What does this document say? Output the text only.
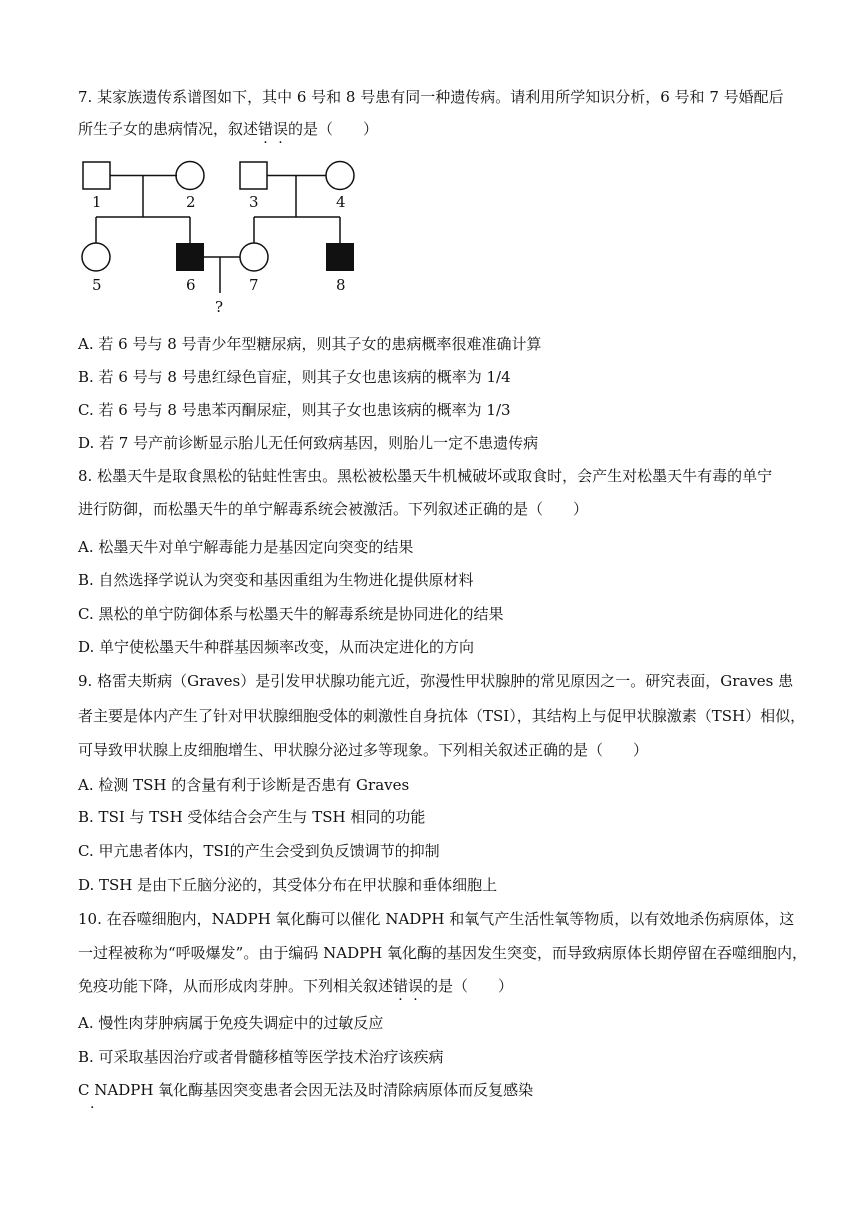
7. 某家族遗传系谱图如下，其中 6 号和 8 号患有同一种遗传病。请利用所学知识分析，6 号和 7 号婚配后
所生子女的患病情况，叙述错误的是（　　）
1	2	3	4
5	6	7	8
?
A. 若 6 号与 8 号青少年型糖尿病，则其子女的患病概率很难准确计算
B. 若 6 号与 8 号患红绿色盲症，则其子女也患该病的概率为 1/4
C. 若 6 号与 8 号患苯丙酮尿症，则其子女也患该病的概率为 1/3
D. 若 7 号产前诊断显示胎儿无任何致病基因，则胎儿一定不患遗传病
8. 松墨天牛是取食黑松的钻蛀性害虫。黑松被松墨天牛机械破坏或取食时，会产生对松墨天牛有毒的单宁
进行防御，而松墨天牛的单宁解毒系统会被激活。下列叙述正确的是（　　）
A. 松墨天牛对单宁解毒能力是基因定向突变的结果
B. 自然选择学说认为突变和基因重组为生物进化提供原材料
C. 黑松的单宁防御体系与松墨天牛的解毒系统是协同进化的结果
D. 单宁使松墨天牛种群基因频率改变，从而决定进化的方向
9. 格雷夫斯病（Graves）是引发甲状腺功能亢近，弥漫性甲状腺肿的常见原因之一。研究表面，Graves 患
者主要是体内产生了针对甲状腺细胞受体的刺激性自身抗体（TSI），其结构上与促甲状腺激素（TSH）相似，
可导致甲状腺上皮细胞增生、甲状腺分泌过多等现象。下列相关叙述正确的是（　　）
A. 检测 TSH 的含量有利于诊断是否患有 Graves
B. TSI 与 TSH 受体结合会产生与 TSH 相同的功能
C. 甲亢患者体内，TSI的产生会受到负反馈调节的抑制
D. TSH 是由下丘脑分泌的，其受体分布在甲状腺和垂体细胞上
10. 在吞噬细胞内，NADPH 氧化酶可以催化 NADPH 和氧气产生活性氧等物质，以有效地杀伤病原体，这
一过程被称为“呼吸爆发”。由于编码 NADPH 氧化酶的基因发生突变，而导致病原体长期停留在吞噬细胞内，
免疫功能下降，从而形成肉芽肿。下列相关叙述错误的是（　　）
A. 慢性肉芽肿病属于免疫失调症中的过敏反应
B. 可采取基因治疗或者骨髓移植等医学技术治疗该疾病
C NADPH 氧化酶基因突变患者会因无法及时清除病原体而反复感染
·
